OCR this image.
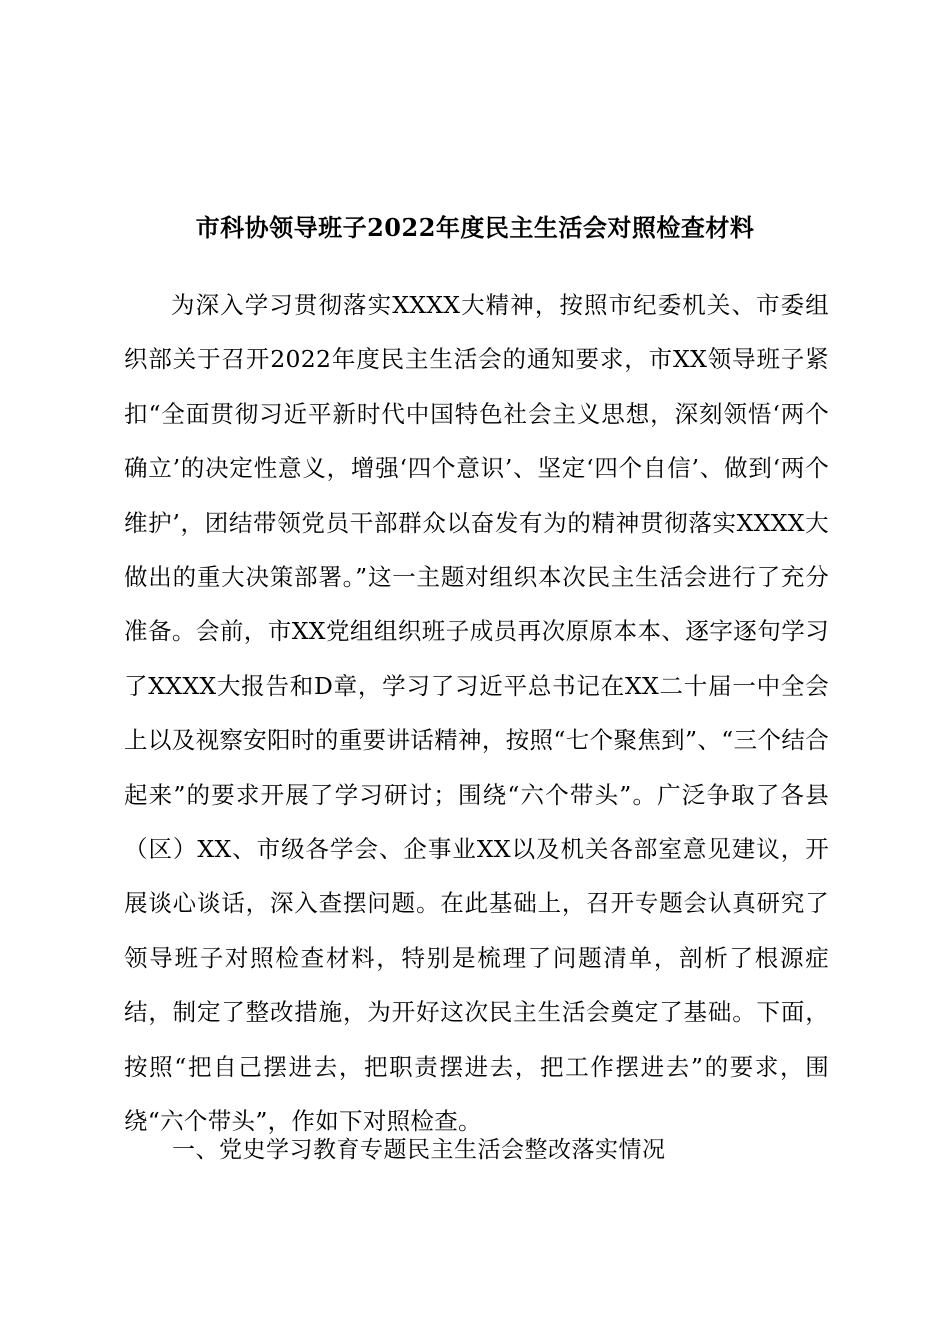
市科协领导班子2022年度民主生活会对照检查材料

为深入学习贯彻落实XXXX大精神，按照市纪委机关、市委组织部关于召开2022年度民主生活会的通知要求，市XX领导班子紧扣“全面贯彻习近平新时代中国特色社会主义思想，深刻领悟‘两个确立’的决定性意义，增强‘四个意识’、坚定‘四个自信’、做到‘两个维护’，团结带领党员干部群众以奋发有为的精神贯彻落实XXXX大做出的重大决策部署。”这一主题对组织本次民主生活会进行了充分准备。会前，市XX党组组织班子成员再次原原本本、逐字逐句学习了XXXX大报告和D章，学习了习近平总书记在XX二十届一中全会上以及视察安阳时的重要讲话精神，按照“七个聚焦到”、“三个结合起来”的要求开展了学习研讨；围绕“六个带头”。广泛争取了各县（区）XX、市级各学会、企事业XX以及机关各部室意见建议，开展谈心谈话，深入查摆问题。在此基础上，召开专题会认真研究了领导班子对照检查材料，特别是梳理了问题清单，剖析了根源症结，制定了整改措施，为开好这次民主生活会奠定了基础。下面，按照“把自己摆进去，把职责摆进去，把工作摆进去”的要求，围绕“六个带头”，作如下对照检查。

一、党史学习教育专题民主生活会整改落实情况
